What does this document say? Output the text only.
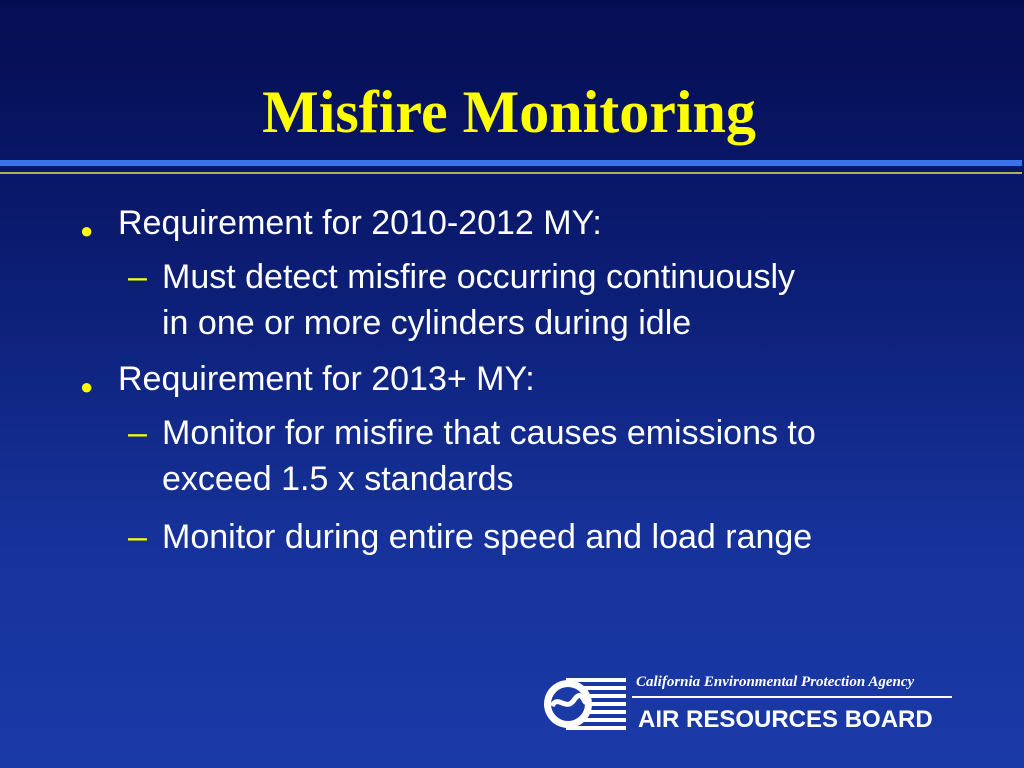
Misfire Monitoring
● Requirement for 2010-2012 MY:
– Must detect misfire occurring continuously
in one or more cylinders during idle
● Requirement for 2013+ MY:
– Monitor for misfire that causes emissions to
exceed 1.5 x standards
– Monitor during entire speed and load range
California Environmental Protection Agency
AIR RESOURCES BOARD
